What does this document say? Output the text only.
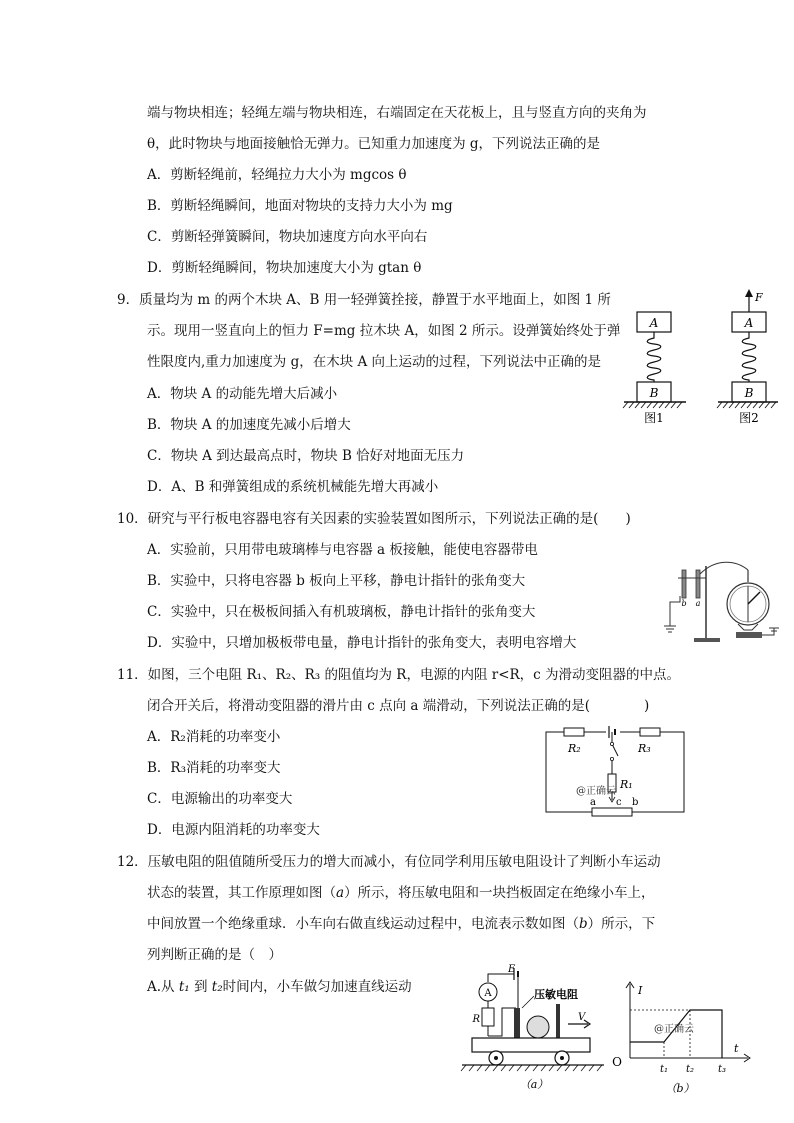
端与物块相连；轻绳左端与物块相连，右端固定在天花板上，且与竖直方向的夹角为
θ，此时物块与地面接触恰无弹力。已知重力加速度为 g，下列说法正确的是
A．剪断轻绳前，轻绳拉力大小为 mgcos θ
B．剪断轻绳瞬间，地面对物块的支持力大小为 mg
C．剪断轻弹簧瞬间，物块加速度方向水平向右
D．剪断轻绳瞬间，物块加速度大小为 gtan θ
9．质量均为 m 的两个木块 A、B 用一轻弹簧拴接，静置于水平地面上，如图 1 所
示。现用一竖直向上的恒力 F=mg 拉木块 A，如图 2 所示。设弹簧始终处于弹
性限度内,重力加速度为 g，在木块 A 向上运动的过程，下列说法中正确的是
A．物块 A 的动能先增大后减小
B．物块 A 的加速度先减小后增大
C．物块 A 到达最高点时，物块 B 恰好对地面无压力
D．A、B 和弹簧组成的系统机械能先增大再减小
A
B
图1
F
A
B
图2
10．研究与平行板电容器电容有关因素的实验装置如图所示，下列说法正确的是(　　)
A．实验前，只用带电玻璃棒与电容器 a 板接触，能使电容器带电
B．实验中，只将电容器 b 板向上平移，静电计指针的张角变大
C．实验中，只在极板间插入有机玻璃板，静电计指针的张角变大
D．实验中，只增加极板带电量，静电计指针的张角变大，表明电容增大
b a
11．如图，三个电阻 R₁、R₂、R₃ 的阻值均为 R，电源的内阻 r<R，c 为滑动变阻器的中点。
闭合开关后，将滑动变阻器的滑片由 c 点向 a 端滑动，下列说法正确的是(　　　　)
A．R₂消耗的功率变小
B．R₃消耗的功率变大
C．电源输出的功率变大
D．电源内阻消耗的功率变大
R₂	R₃
R₁
@正确云
a c b
12．压敏电阻的阻值随所受压力的增大而减小，有位同学利用压敏电阻设计了判断小车运动
状态的装置，其工作原理如图（a）所示，将压敏电阻和一块挡板固定在绝缘小车上，
中间放置一个绝缘重球．小车向右做直线运动过程中，电流表示数如图（b）所示，下
列判断正确的是（　）
A.从 t₁ 到 t₂时间内，小车做匀加速直线运动
E
A
R
压敏电阻
V
（a）
I
t
O
@正确云
t₁ t₂ t₃
（b）
